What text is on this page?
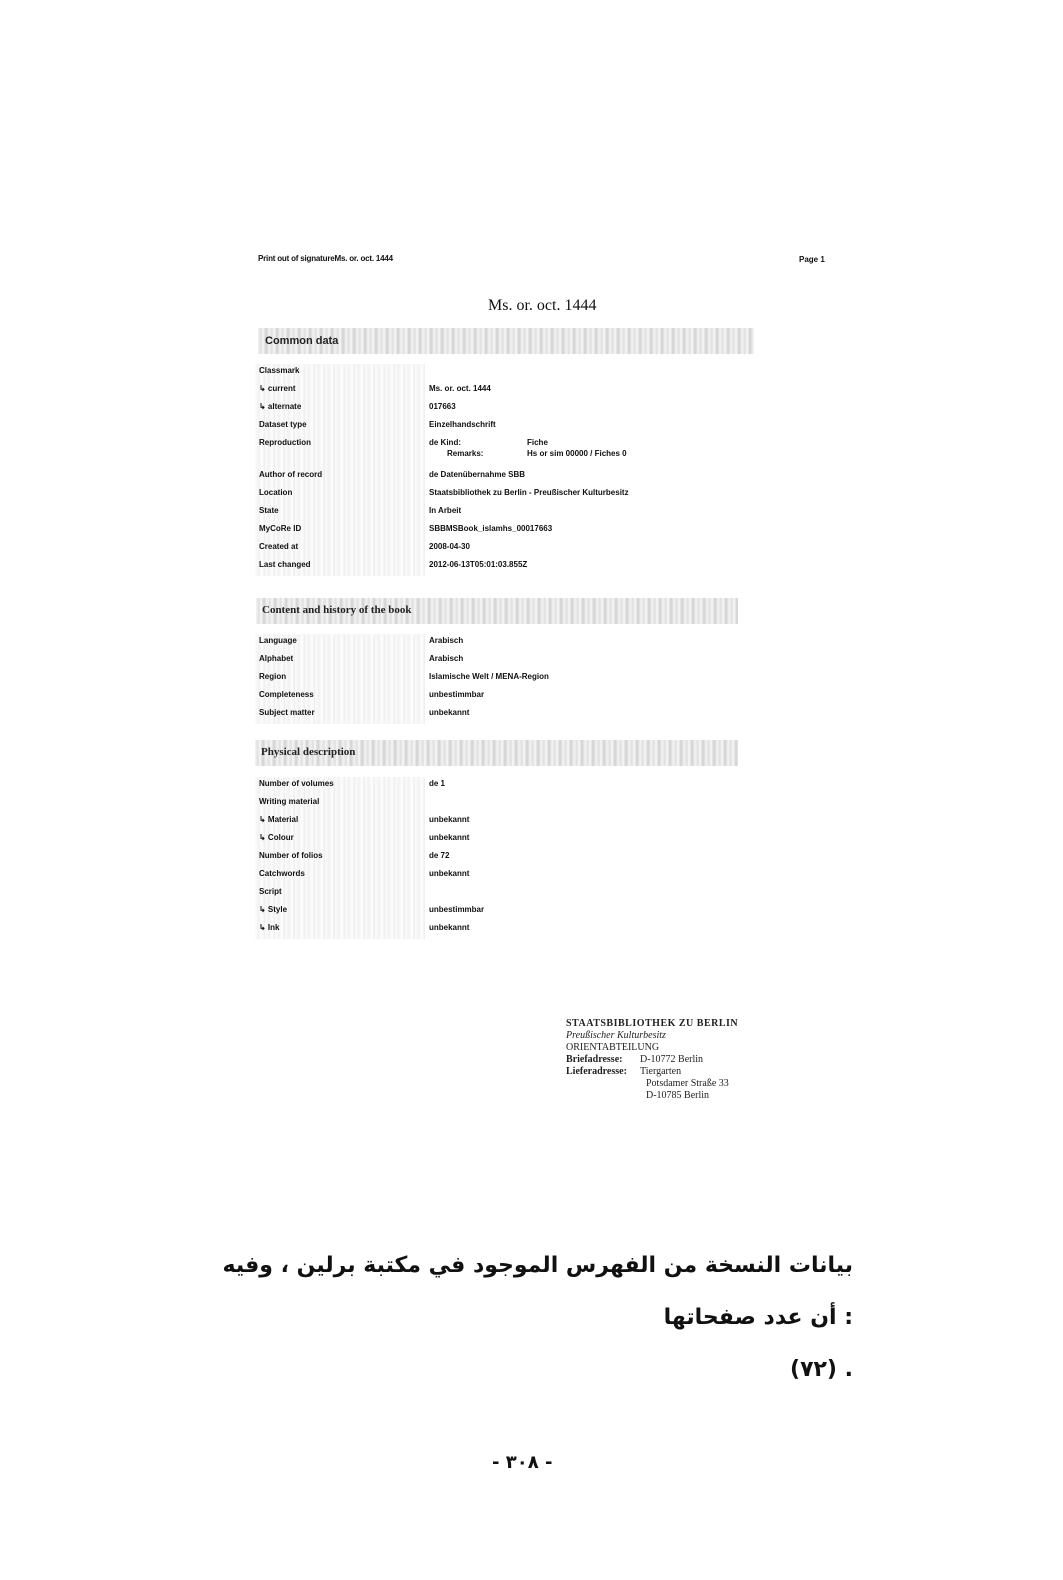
Print out of signatureMs. or. oct. 1444	Page 1
Ms. or. oct. 1444
Common data
Classmark
↳ current	Ms. or. oct. 1444
↳ alternate	017663
Dataset type	Einzelhandschrift
Reproduction	de Kind:	Fiche
Remarks:	Hs or sim 00000 / Fiches 0
Author of record	de Datenübernahme SBB
Location	Staatsbibliothek zu Berlin - Preußischer Kulturbesitz
State	In Arbeit
MyCoRe ID	SBBMSBook_islamhs_00017663
Created at	2008-04-30
Last changed	2012-06-13T05:01:03.855Z
Content and history of the book
Language	Arabisch
Alphabet	Arabisch
Region	Islamische Welt / MENA-Region
Completeness	unbestimmbar
Subject matter	unbekannt
Physical description
Number of volumes	de 1
Writing material
↳ Material	unbekannt
↳ Colour	unbekannt
Number of folios	de 72
Catchwords	unbekannt
Script
↳ Style	unbestimmbar
↳ Ink	unbekannt
STAATSBIBLIOTHEK ZU BERLIN
Preußischer Kulturbesitz
ORIENTABTEILUNG
Briefadresse: D-10772 Berlin
Lieferadresse: Tiergarten
Potsdamer Straße 33
D-10785 Berlin
بيانات النسخة من الفهرس الموجود في مكتبة برلين ، وفيه : أن عدد صفحاتها
. (٧٢)
- ٣٠٨ -
